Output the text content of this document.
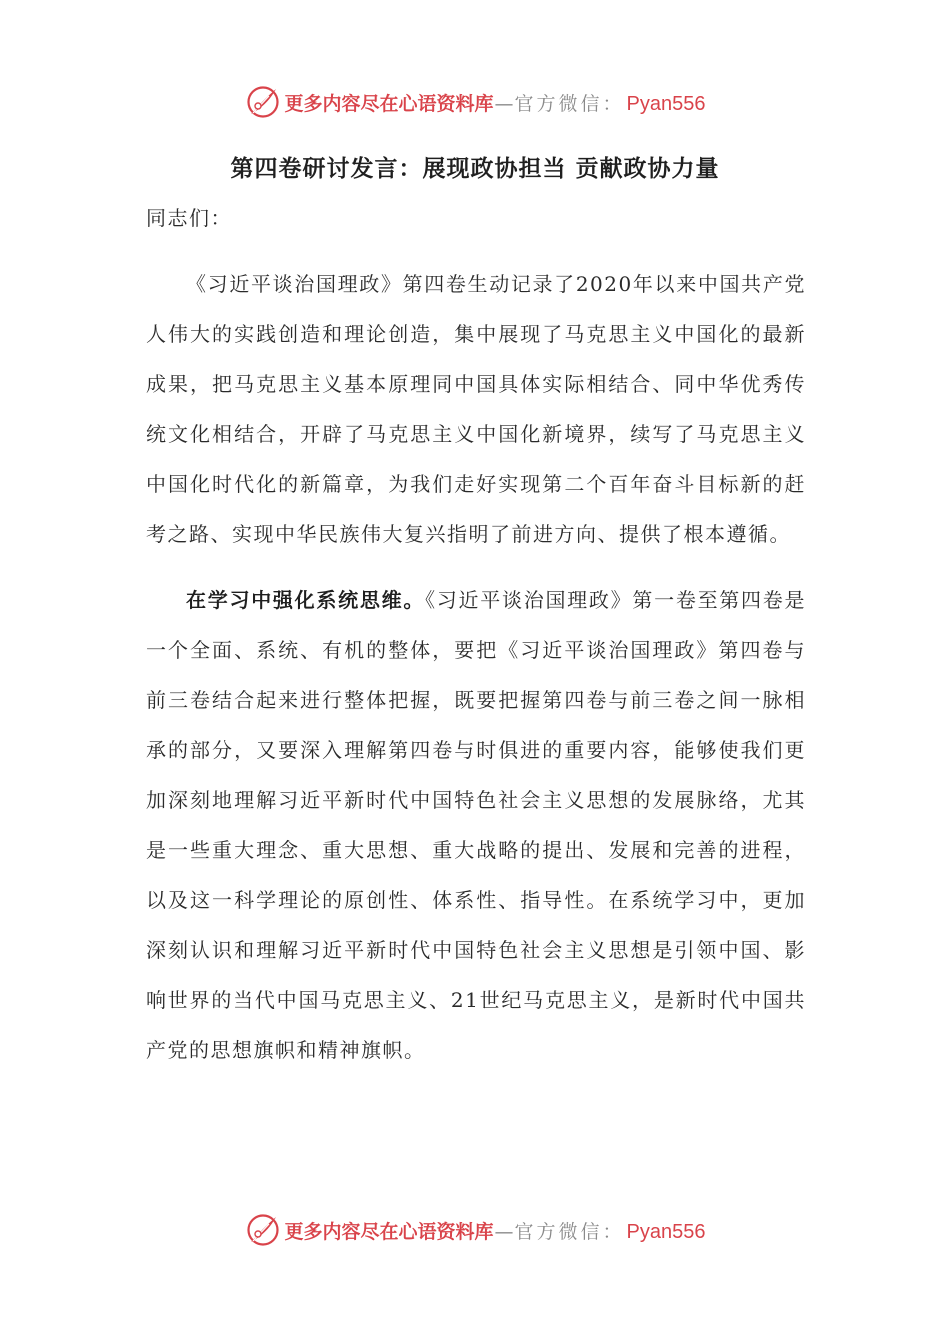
更多内容尽在心语资料库 — 官方微信： Pyan556
第四卷研讨发言：展现政协担当 贡献政协力量

同志们：

《习近平谈治国理政》第四卷生动记录了2020年以来中国共产党人伟大的实践创造和理论创造，集中展现了马克思主义中国化的最新成果，把马克思主义基本原理同中国具体实际相结合、同中华优秀传统文化相结合，开辟了马克思主义中国化新境界，续写了马克思主义中国化时代化的新篇章，为我们走好实现第二个百年奋斗目标新的赶考之路、实现中华民族伟大复兴指明了前进方向、提供了根本遵循。

在学习中强化系统思维。《习近平谈治国理政》第一卷至第四卷是一个全面、系统、有机的整体，要把《习近平谈治国理政》第四卷与前三卷结合起来进行整体把握，既要把握第四卷与前三卷之间一脉相承的部分，又要深入理解第四卷与时俱进的重要内容，能够使我们更加深刻地理解习近平新时代中国特色社会主义思想的发展脉络，尤其是一些重大理念、重大思想、重大战略的提出、发展和完善的进程，以及这一科学理论的原创性、体系性、指导性。在系统学习中，更加深刻认识和理解习近平新时代中国特色社会主义思想是引领中国、影响世界的当代中国马克思主义、21世纪马克思主义，是新时代中国共产党的思想旗帜和精神旗帜。

更多内容尽在心语资料库 — 官方微信： Pyan556
